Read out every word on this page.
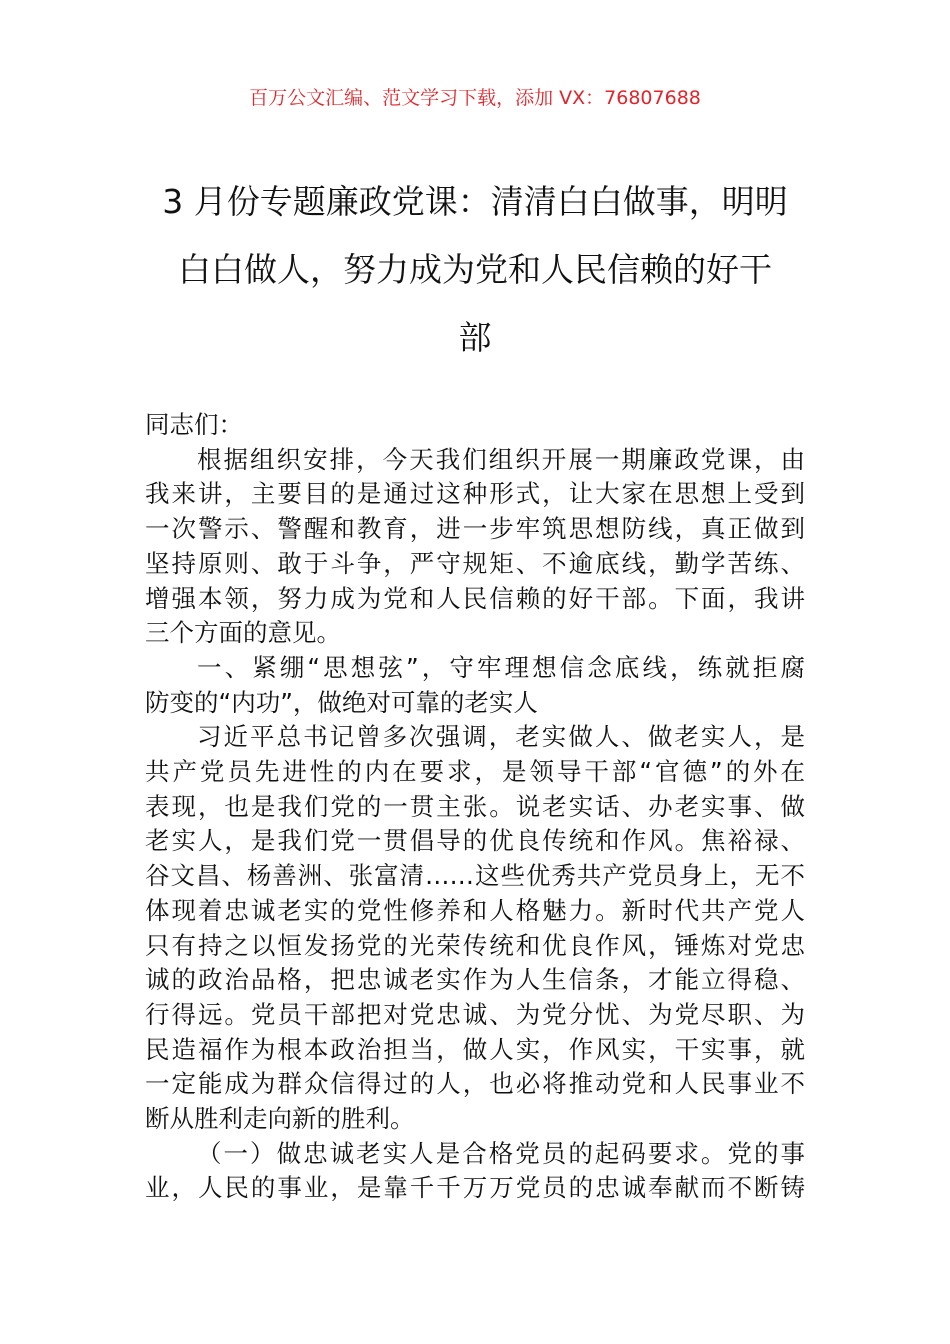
百万公文汇编、范文学习下载，添加 VX：76807688
3 月份专题廉政党课：清清白白做事，明明
白白做人，努力成为党和人民信赖的好干
部
同志们：
根据组织安排，今天我们组织开展一期廉政党课，由
我来讲，主要目的是通过这种形式，让大家在思想上受到
一次警示、警醒和教育，进一步牢筑思想防线，真正做到
坚持原则、敢于斗争，严守规矩、不逾底线，勤学苦练、
增强本领，努力成为党和人民信赖的好干部。下面，我讲
三个方面的意见。
一、紧绷“思想弦”，守牢理想信念底线，练就拒腐
防变的“内功”，做绝对可靠的老实人
习近平总书记曾多次强调，老实做人、做老实人，是
共产党员先进性的内在要求，是领导干部“官德”的外在
表现，也是我们党的一贯主张。说老实话、办老实事、做
老实人，是我们党一贯倡导的优良传统和作风。焦裕禄、
谷文昌、杨善洲、张富清……这些优秀共产党员身上，无不
体现着忠诚老实的党性修养和人格魅力。新时代共产党人
只有持之以恒发扬党的光荣传统和优良作风，锤炼对党忠
诚的政治品格，把忠诚老实作为人生信条，才能立得稳、
行得远。党员干部把对党忠诚、为党分忧、为党尽职、为
民造福作为根本政治担当，做人实，作风实，干实事，就
一定能成为群众信得过的人，也必将推动党和人民事业不
断从胜利走向新的胜利。
（一）做忠诚老实人是合格党员的起码要求。党的事
业，人民的事业，是靠千千万万党员的忠诚奉献而不断铸
